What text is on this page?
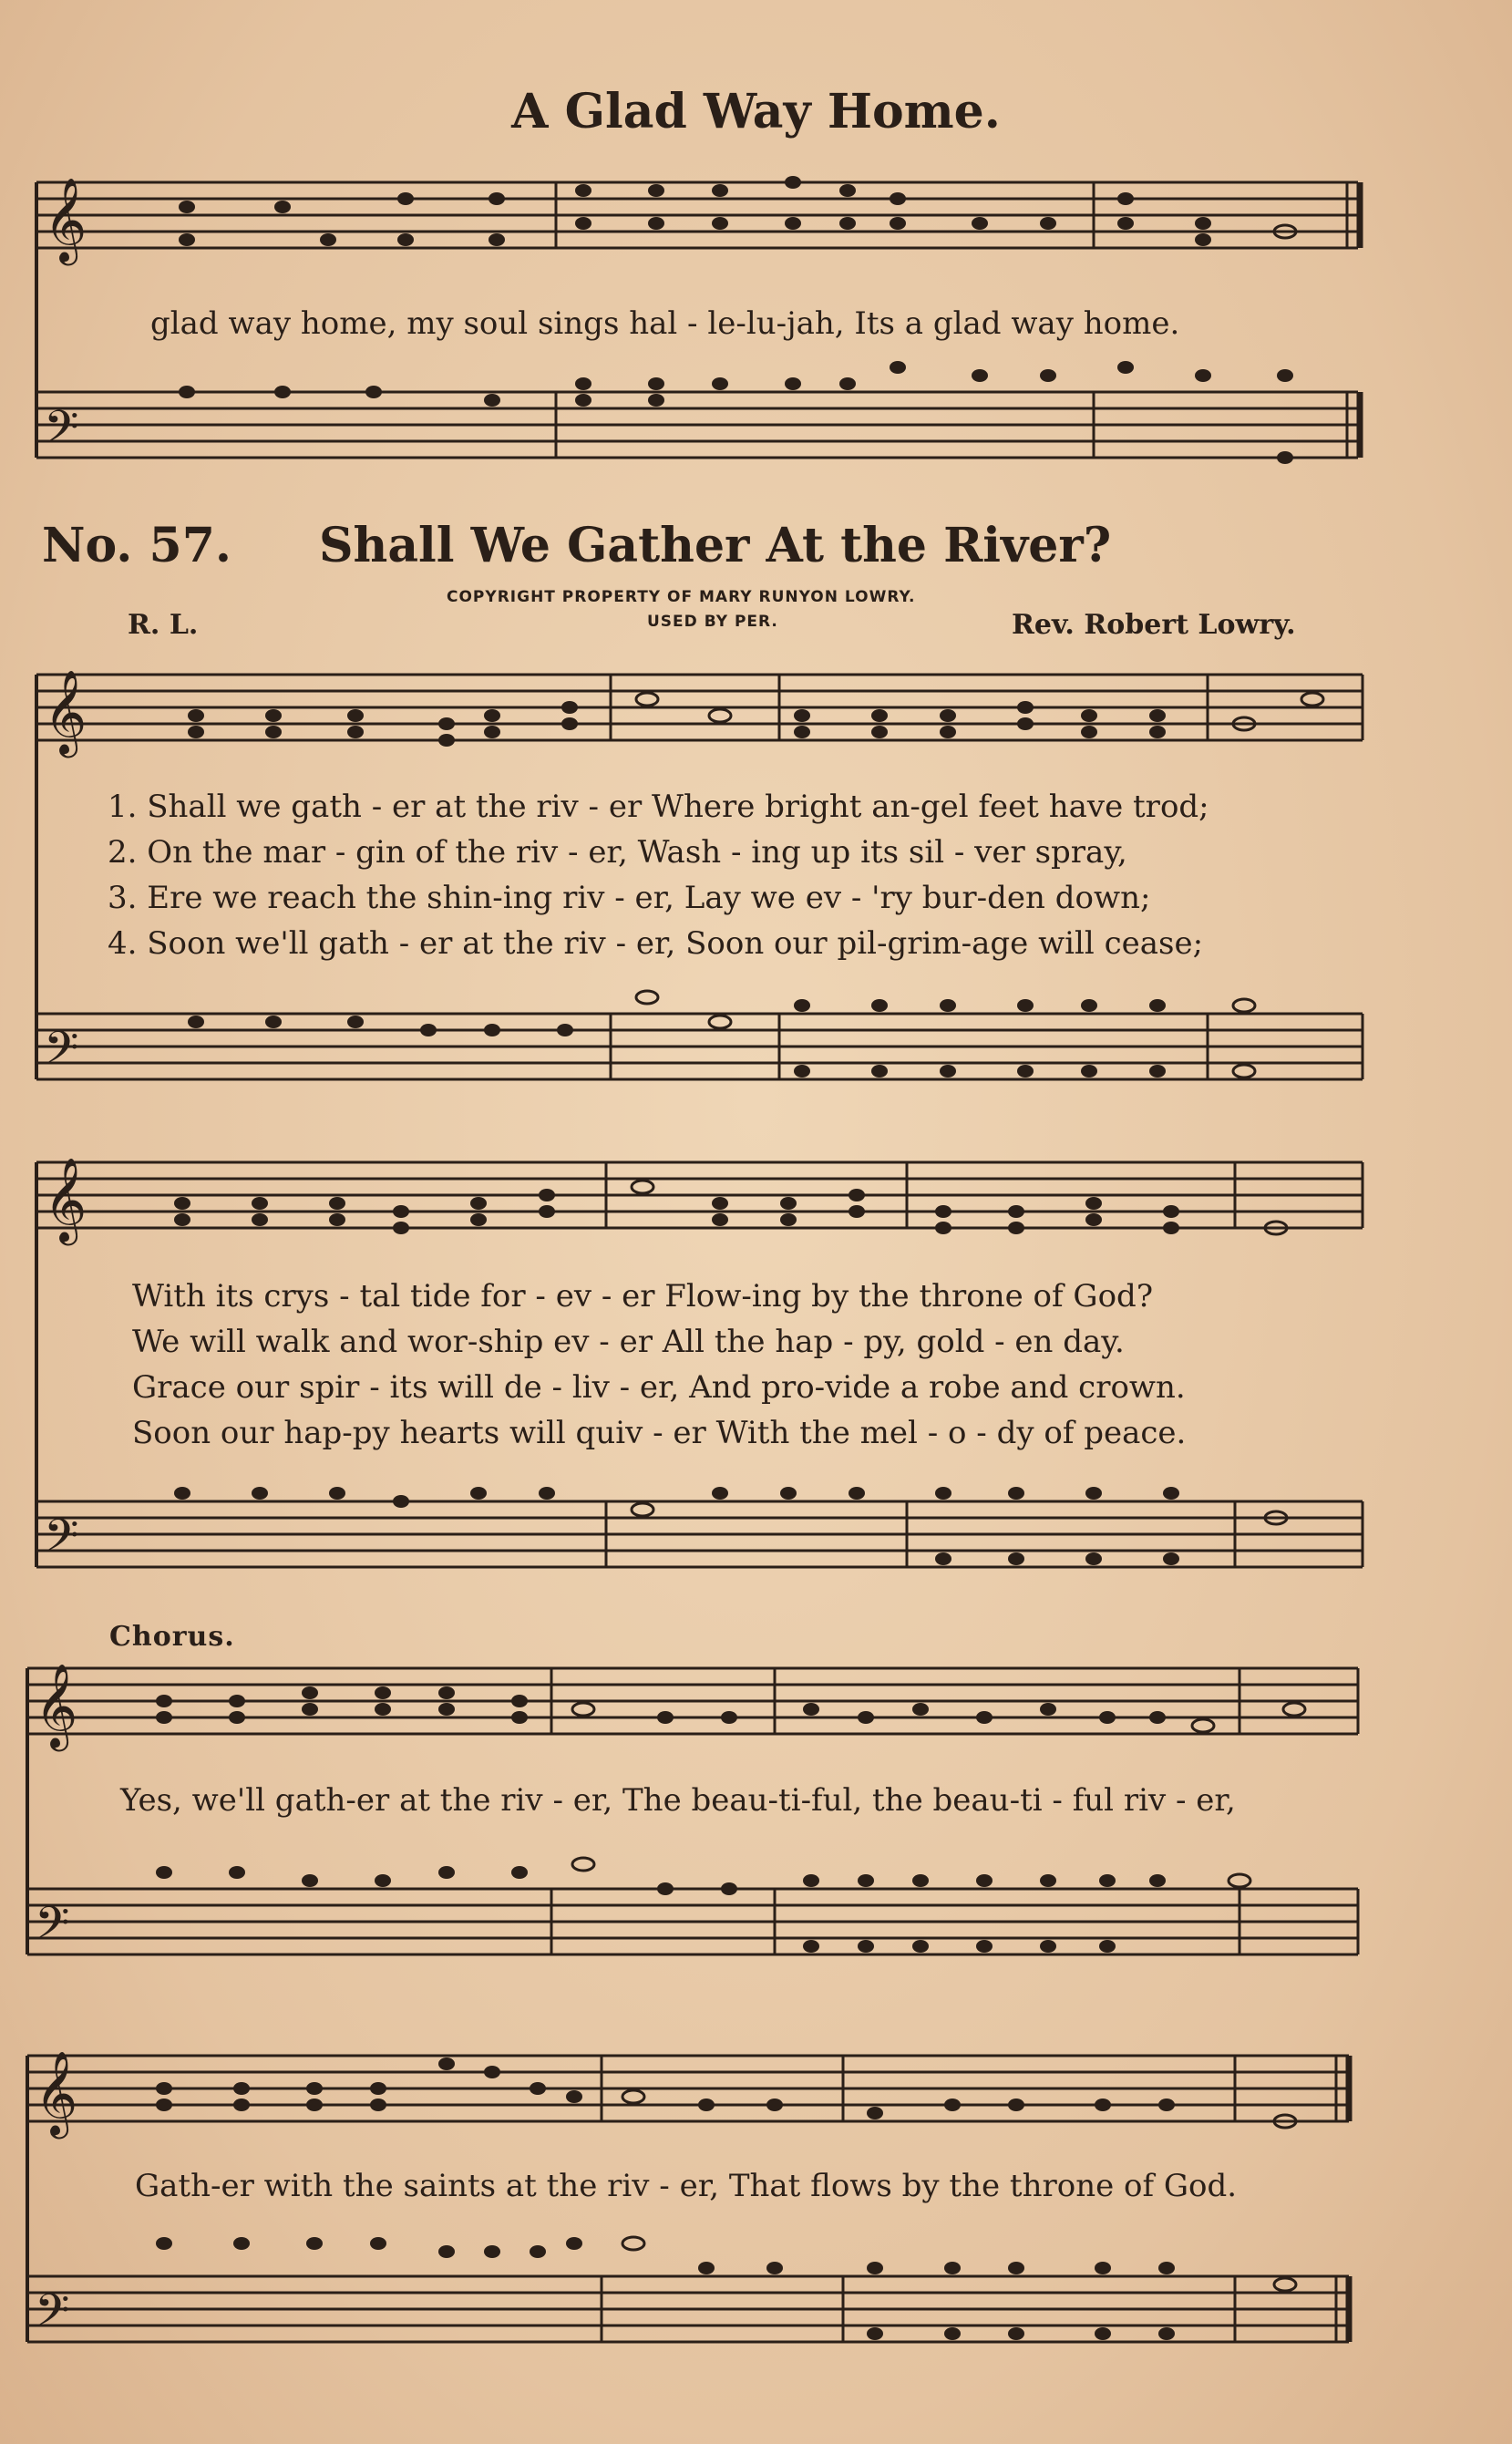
A Glad Way Home.
𝄞
𝄢
glad way home, my soul sings hal - le-lu-jah, Its a glad way home.
No. 57. Shall We Gather At the River?
COPYRIGHT PROPERTY OF MARY RUNYON LOWRY.
USED BY PER.
R. L.	Rev. Robert Lowry.
𝄞
𝄢
1. Shall we gath - er at the riv - er Where bright an-gel feet have trod;
2. On the mar - gin of the riv - er, Wash - ing up its sil - ver spray,
3. Ere we reach the shin-ing riv - er, Lay we ev - 'ry bur-den down;
4. Soon we'll gath - er at the riv - er, Soon our pil-grim-age will cease;
𝄞
𝄢
With its crys - tal tide for - ev - er Flow-ing by the throne of God?
We will walk and wor-ship ev - er All the hap - py, gold - en day.
Grace our spir - its will de - liv - er, And pro-vide a robe and crown.
Soon our hap-py hearts will quiv - er With the mel - o - dy of peace.
Chorus.
𝄞
𝄢
Yes, we'll gath-er at the riv - er, The beau-ti-ful, the beau-ti - ful riv - er,
𝄞
𝄢
Gath-er with the saints at the riv - er, That flows by the throne of God.
